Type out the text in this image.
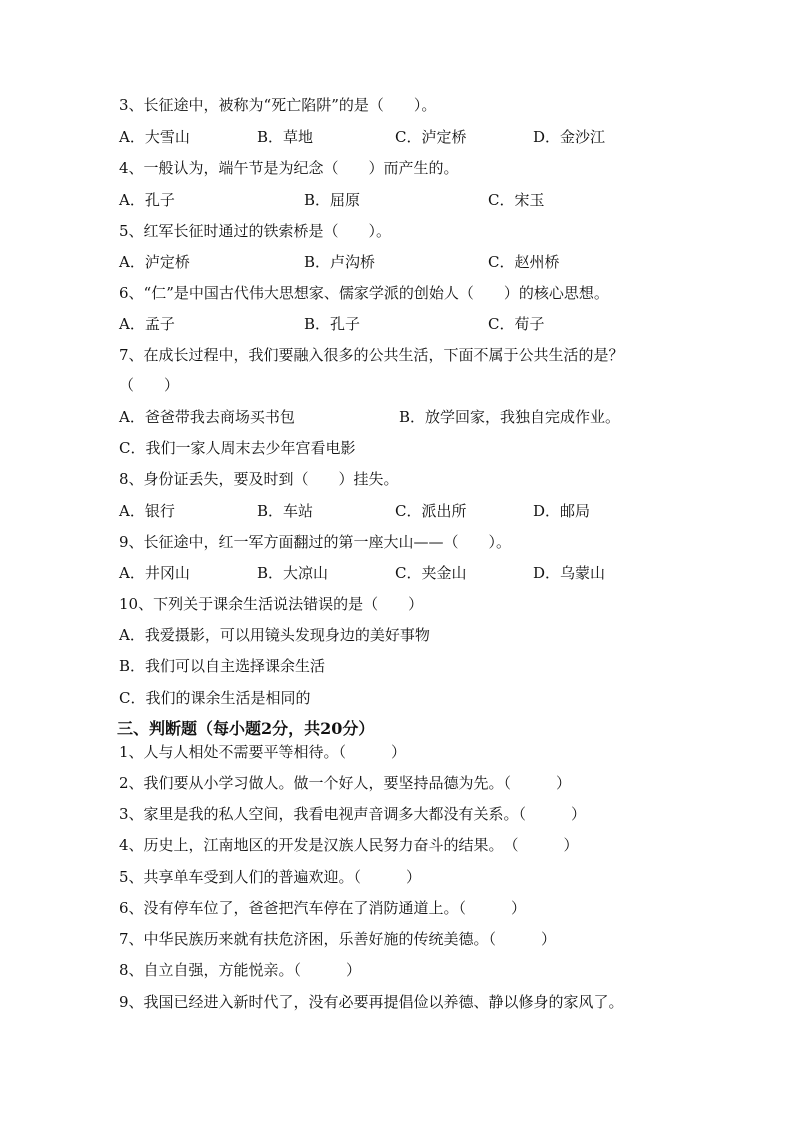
3、长征途中，被称为“死亡陷阱”的是（　　）。
A．大雪山	B．草地	C．泸定桥	D．金沙江
4、一般认为，端午节是为纪念（　　）而产生的。
A．孔子	B．屈原	C．宋玉
5、红军长征时通过的铁索桥是（　　）。
A．泸定桥	B．卢沟桥	C．赵州桥
6、“仁”是中国古代伟大思想家、儒家学派的创始人（　　）的核心思想。
A．孟子	B．孔子	C．荀子
7、在成长过程中，我们要融入很多的公共生活，下面不属于公共生活的是？
（　　）
A．爸爸带我去商场买书包	B．放学回家，我独自完成作业。
C．我们一家人周末去少年宫看电影
8、身份证丢失，要及时到（　　）挂失。
A．银行	B．车站	C．派出所	D．邮局
9、长征途中，红一军方面翻过的第一座大山——（　　）。
A．井冈山	B．大凉山	C．夹金山	D．乌蒙山
10、下列关于课余生活说法错误的是（　　）
A．我爱摄影，可以用镜头发现身边的美好事物
B．我们可以自主选择课余生活
C．我们的课余生活是相同的
三、判断题（每小题2分，共20分）
1、人与人相处不需要平等相待。（　　　）
2、我们要从小学习做人。做一个好人，要坚持品德为先。（　　　）
3、家里是我的私人空间，我看电视声音调多大都没有关系。（　　　）
4、历史上，江南地区的开发是汉族人民努力奋斗的结果。　（　　　）
5、共享单车受到人们的普遍欢迎。（　　　）
6、没有停车位了，爸爸把汽车停在了消防通道上。（　　　）
7、中华民族历来就有扶危济困，乐善好施的传统美德。（　　　）
8、自立自强，方能悦亲。（　　　）
9、我国已经进入新时代了，没有必要再提倡俭以养德、静以修身的家风了。
